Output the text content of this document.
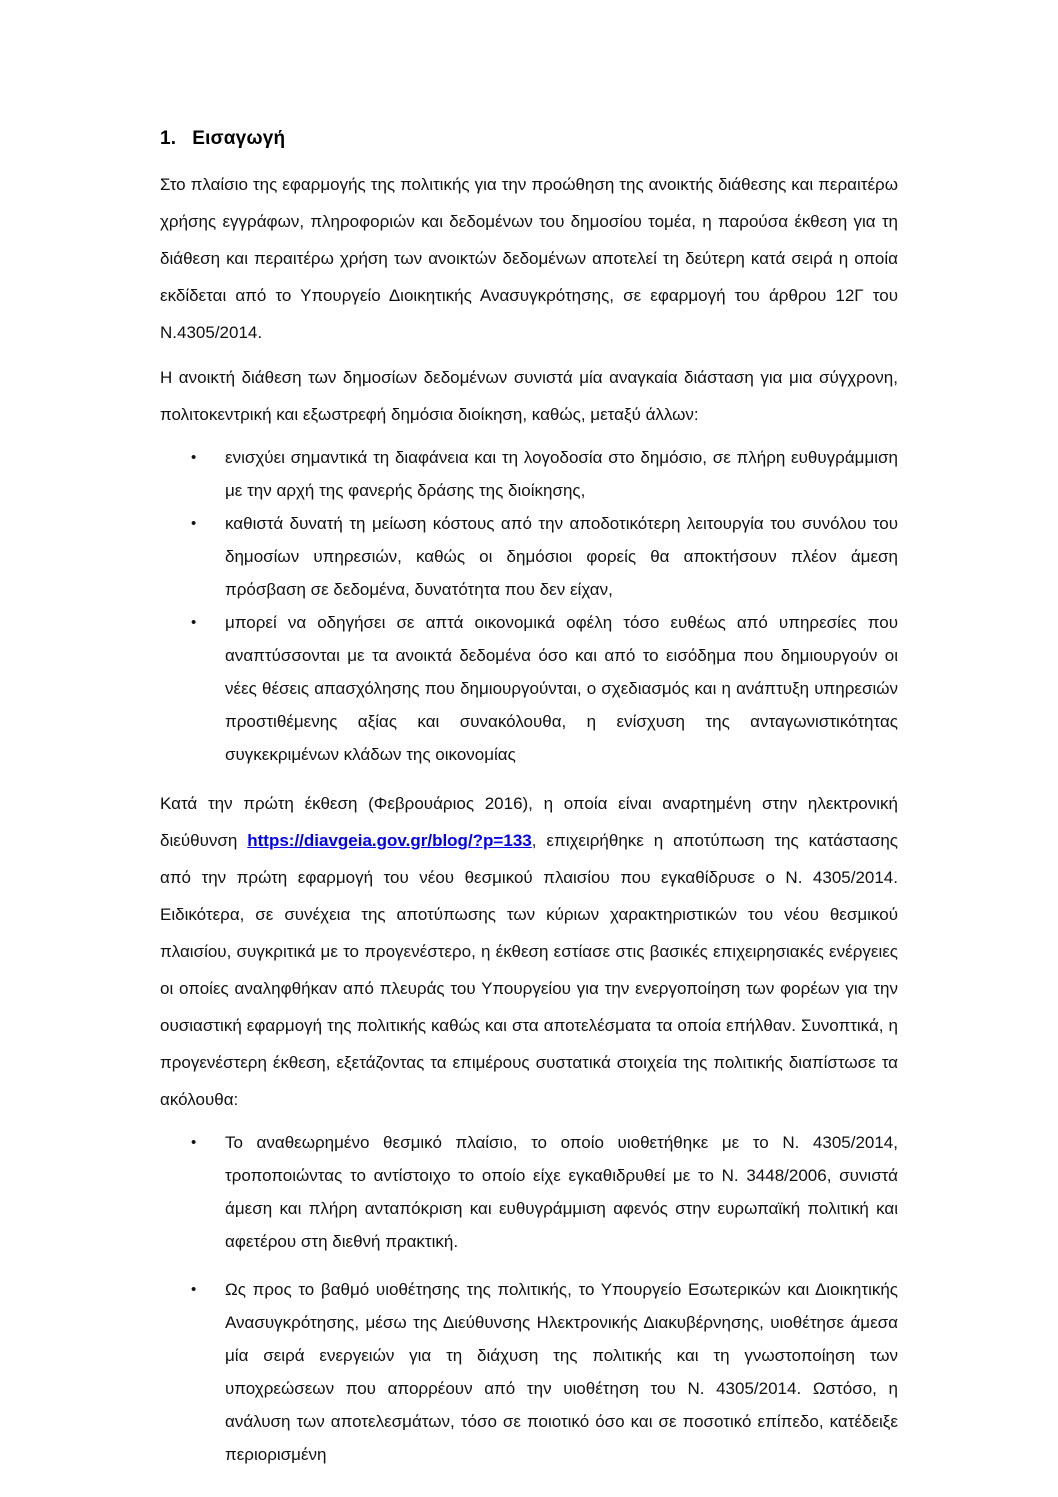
1. Εισαγωγή

Στο πλαίσιο της εφαρμογής της πολιτικής για την προώθηση της ανοικτής διάθεσης και περαιτέρω χρήσης εγγράφων, πληροφοριών και δεδομένων του δημοσίου τομέα, η παρούσα έκθεση για τη διάθεση και περαιτέρω χρήση των ανοικτών δεδομένων αποτελεί τη δεύτερη κατά σειρά η οποία εκδίδεται από το Υπουργείο Διοικητικής Ανασυγκρότησης, σε εφαρμογή του άρθρου 12Γ του Ν.4305/2014.

Η ανοικτή διάθεση των δημοσίων δεδομένων συνιστά μία αναγκαία διάσταση για μια σύγχρονη, πολιτοκεντρική και εξωστρεφή δημόσια διοίκηση, καθώς, μεταξύ άλλων:

• ενισχύει σημαντικά τη διαφάνεια και τη λογοδοσία στο δημόσιο, σε πλήρη ευθυγράμμιση με την αρχή της φανερής δράσης της διοίκησης,
• καθιστά δυνατή τη μείωση κόστους από την αποδοτικότερη λειτουργία του συνόλου του δημοσίων υπηρεσιών, καθώς οι δημόσιοι φορείς θα αποκτήσουν πλέον άμεση πρόσβαση σε δεδομένα, δυνατότητα που δεν είχαν,
• μπορεί να οδηγήσει σε απτά οικονομικά οφέλη τόσο ευθέως από υπηρεσίες που αναπτύσσονται με τα ανοικτά δεδομένα όσο και από το εισόδημα που δημιουργούν οι νέες θέσεις απασχόλησης που δημιουργούνται, ο σχεδιασμός και η ανάπτυξη υπηρεσιών προστιθέμενης αξίας και συνακόλουθα, η ενίσχυση της ανταγωνιστικότητας συγκεκριμένων κλάδων της οικονομίας

Κατά την πρώτη έκθεση (Φεβρουάριος 2016), η οποία είναι αναρτημένη στην ηλεκτρονική διεύθυνση https://diavgeia.gov.gr/blog/?p=133, επιχειρήθηκε η αποτύπωση της κατάστασης από την πρώτη εφαρμογή του νέου θεσμικού πλαισίου που εγκαθίδρυσε ο Ν. 4305/2014. Ειδικότερα, σε συνέχεια της αποτύπωσης των κύριων χαρακτηριστικών του νέου θεσμικού πλαισίου, συγκριτικά με το προγενέστερο, η έκθεση εστίασε στις βασικές επιχειρησιακές ενέργειες οι οποίες αναληφθήκαν από πλευράς του Υπουργείου για την ενεργοποίηση των φορέων για την ουσιαστική εφαρμογή της πολιτικής καθώς και στα αποτελέσματα τα οποία επήλθαν. Συνοπτικά, η προγενέστερη έκθεση, εξετάζοντας τα επιμέρους συστατικά στοιχεία της πολιτικής διαπίστωσε τα ακόλουθα:

• Το αναθεωρημένο θεσμικό πλαίσιο, το οποίο υιοθετήθηκε με το Ν. 4305/2014, τροποποιώντας το αντίστοιχο το οποίο είχε εγκαθιδρυθεί με το Ν. 3448/2006, συνιστά άμεση και πλήρη ανταπόκριση και ευθυγράμμιση αφενός στην ευρωπαϊκή πολιτική και αφετέρου στη διεθνή πρακτική.
• Ως προς το βαθμό υιοθέτησης της πολιτικής, το Υπουργείο Εσωτερικών και Διοικητικής Ανασυγκρότησης, μέσω της Διεύθυνσης Ηλεκτρονικής Διακυβέρνησης, υιοθέτησε άμεσα μία σειρά ενεργειών για τη διάχυση της πολιτικής και τη γνωστοποίηση των υποχρεώσεων που απορρέουν από την υιοθέτηση του Ν. 4305/2014. Ωστόσο, η ανάλυση των αποτελεσμάτων, τόσο σε ποιοτικό όσο και σε ποσοτικό επίπεδο, κατέδειξε περιορισμένη
